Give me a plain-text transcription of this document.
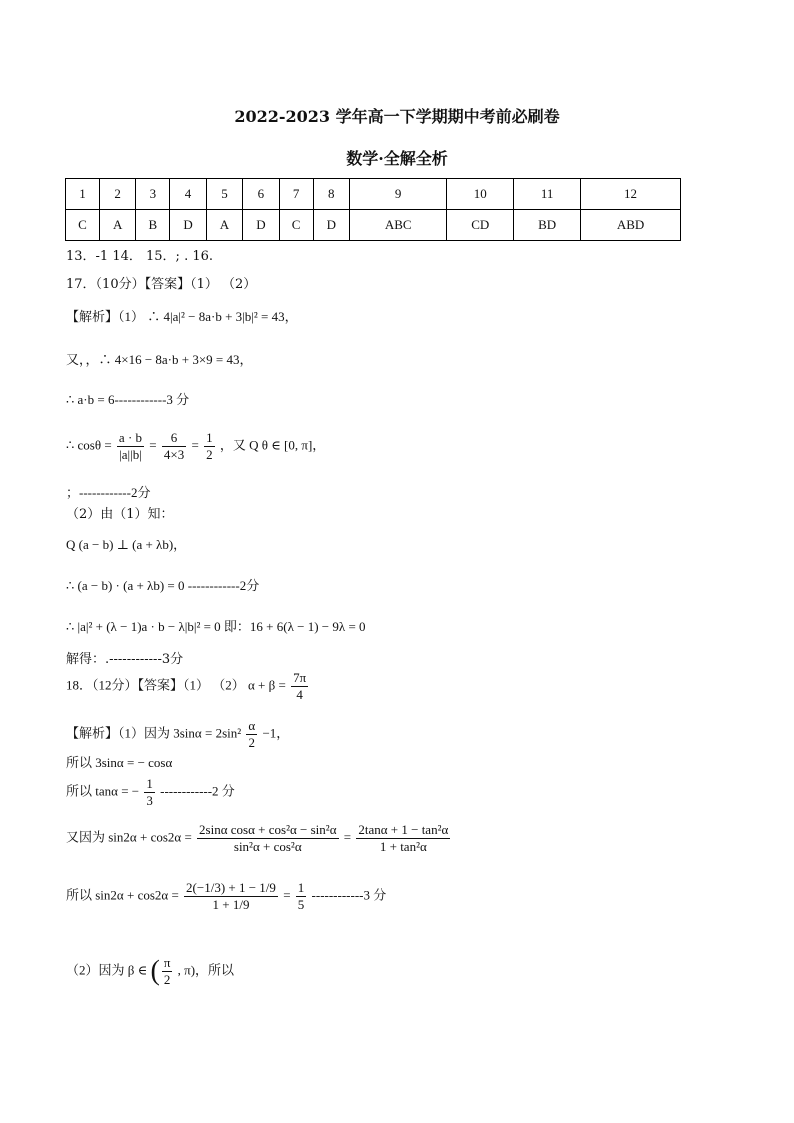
2022-2023 学年高一下学期期中考前必刷卷
数学·全解全析
1	2	3	4	5	6	7	8	9	10	11	12
C	A	B	D	A	D	C	D	ABC	CD	BD	ABD
13．-1 14． 15．; . 16.
17．（10分）【答案】（1） （2）
【解析】（1） ∴ 4|a|² − 8a·b + 3|b|² = 43，
又，，∴ 4×16 − 8a·b + 3×9 = 43，
∴ a·b = 6------------3 分
∴ $\cos\theta = \frac{a \cdot b}{|a||b|} = \frac{6}{4\times 3} = \frac{1}{2}$ ，又 Q θ ∈ [0, π]，
；------------2分
（2）由（1）知：
Q (a − b) ⊥ (a + λb)，
∴ (a − b) · (a + λb) = 0 ------------2分
∴ |a|² + (λ − 1)a · b − λ|b|² = 0 即：16 + 6(λ − 1) − 9λ = 0
解得：.------------3分
18．（12分）【答案】（1） （2） $\alpha + \beta = \frac{7\pi}{4}$
【解析】（1）因为 $3\sin\alpha = 2\sin^2 \frac{\alpha}{2} -1$，
所以 3sinα = − cosα
所以 tanα = − $\frac{1}{3} ------------2$ 分
又因为 $\sin 2\alpha + \cos 2\alpha = \frac{\text{2sinα cosα + cos²α − sin²α}}{\text{sin²α + cos²α}} = \frac{\text{2tanα + 1 − tan²α}}{\text{1 + tan²α}}$
所以 $\sin 2\alpha + \cos 2\alpha = \frac{2(-1/3) + 1 - 1/9}{1 + 1/9} = \frac{1}{5} ------------3$ 分
（2）因为 β ∈ ( $\frac{\pi}{2}$ , π)，所以
